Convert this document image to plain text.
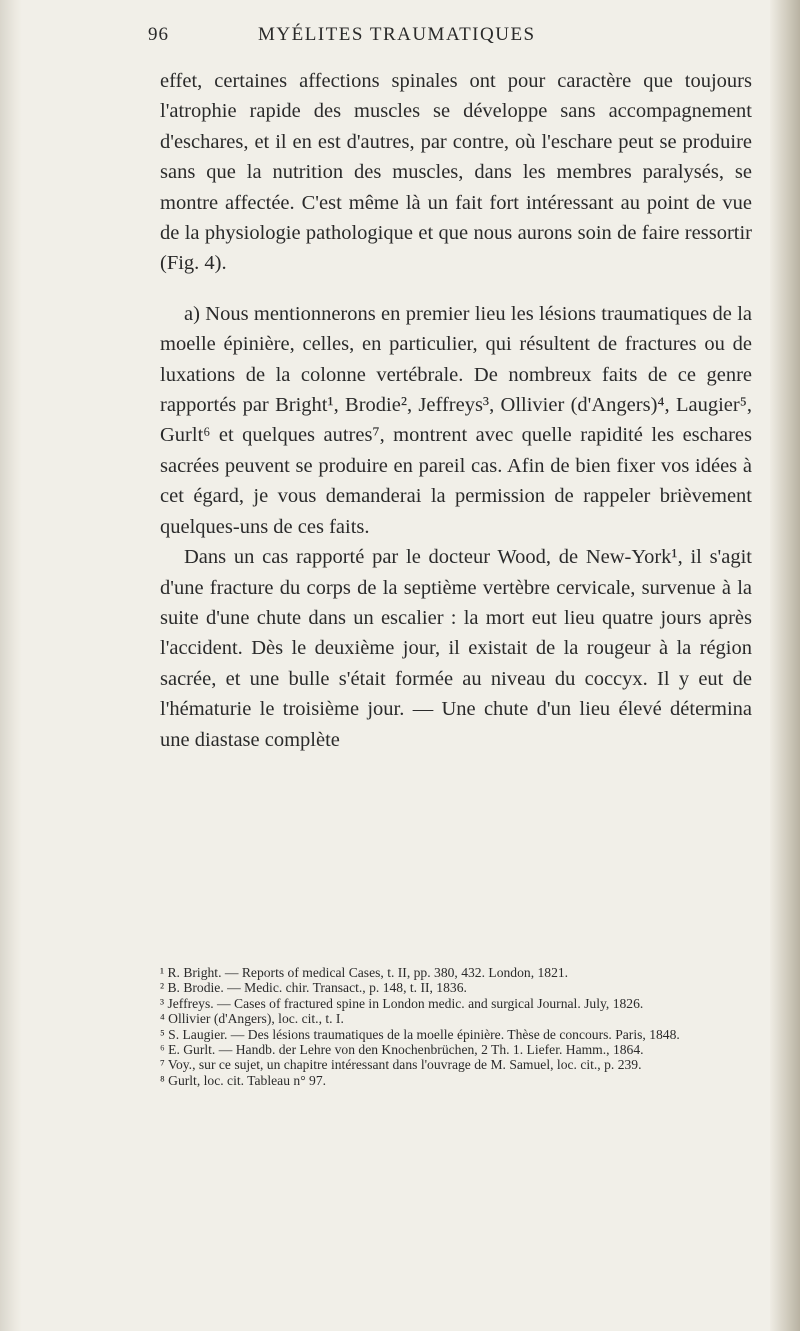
96	MYÉLITES TRAUMATIQUES

effet, certaines affections spinales ont pour caractère que toujours l'atrophie rapide des muscles se développe sans accompagnement d'eschares, et il en est d'autres, par contre, où l'eschare peut se produire sans que la nutrition des muscles, dans les membres paralysés, se montre affectée. C'est même là un fait fort intéressant au point de vue de la physiologie pathologique et que nous aurons soin de faire ressortir (Fig. 4).

a) Nous mentionnerons en premier lieu les lésions traumatiques de la moelle épinière, celles, en particulier, qui résultent de fractures ou de luxations de la colonne vertébrale. De nombreux faits de ce genre rapportés par Bright¹, Brodie², Jeffreys³, Ollivier (d'Angers)⁴, Laugier⁵, Gurlt⁶ et quelques autres⁷, montrent avec quelle rapidité les eschares sacrées peuvent se produire en pareil cas. Afin de bien fixer vos idées à cet égard, je vous demanderai la permission de rappeler brièvement quelques-uns de ces faits.

Dans un cas rapporté par le docteur Wood, de New-York¹, il s'agit d'une fracture du corps de la septième vertèbre cervicale, survenue à la suite d'une chute dans un escalier : la mort eut lieu quatre jours après l'accident. Dès le deuxième jour, il existait de la rougeur à la région sacrée, et une bulle s'était formée au niveau du coccyx. Il y eut de l'hématurie le troisième jour. — Une chute d'un lieu élevé détermina une diastase complète

¹ R. Bright. — Reports of medical Cases, t. II, pp. 380, 432. London, 1821.

² B. Brodie. — Medic. chir. Transact., p. 148, t. II, 1836.

³ Jeffreys. — Cases of fractured spine in London medic. and surgical Journal. July, 1826.

⁴ Ollivier (d'Angers), loc. cit., t. I.

⁵ S. Laugier. — Des lésions traumatiques de la moelle épinière. Thèse de concours. Paris, 1848.

⁶ E. Gurlt. — Handb. der Lehre von den Knochenbrüchen, 2 Th. 1. Liefer. Hamm., 1864.

⁷ Voy., sur ce sujet, un chapitre intéressant dans l'ouvrage de M. Samuel, loc. cit., p. 239.

⁸ Gurlt, loc. cit. Tableau n° 97.
